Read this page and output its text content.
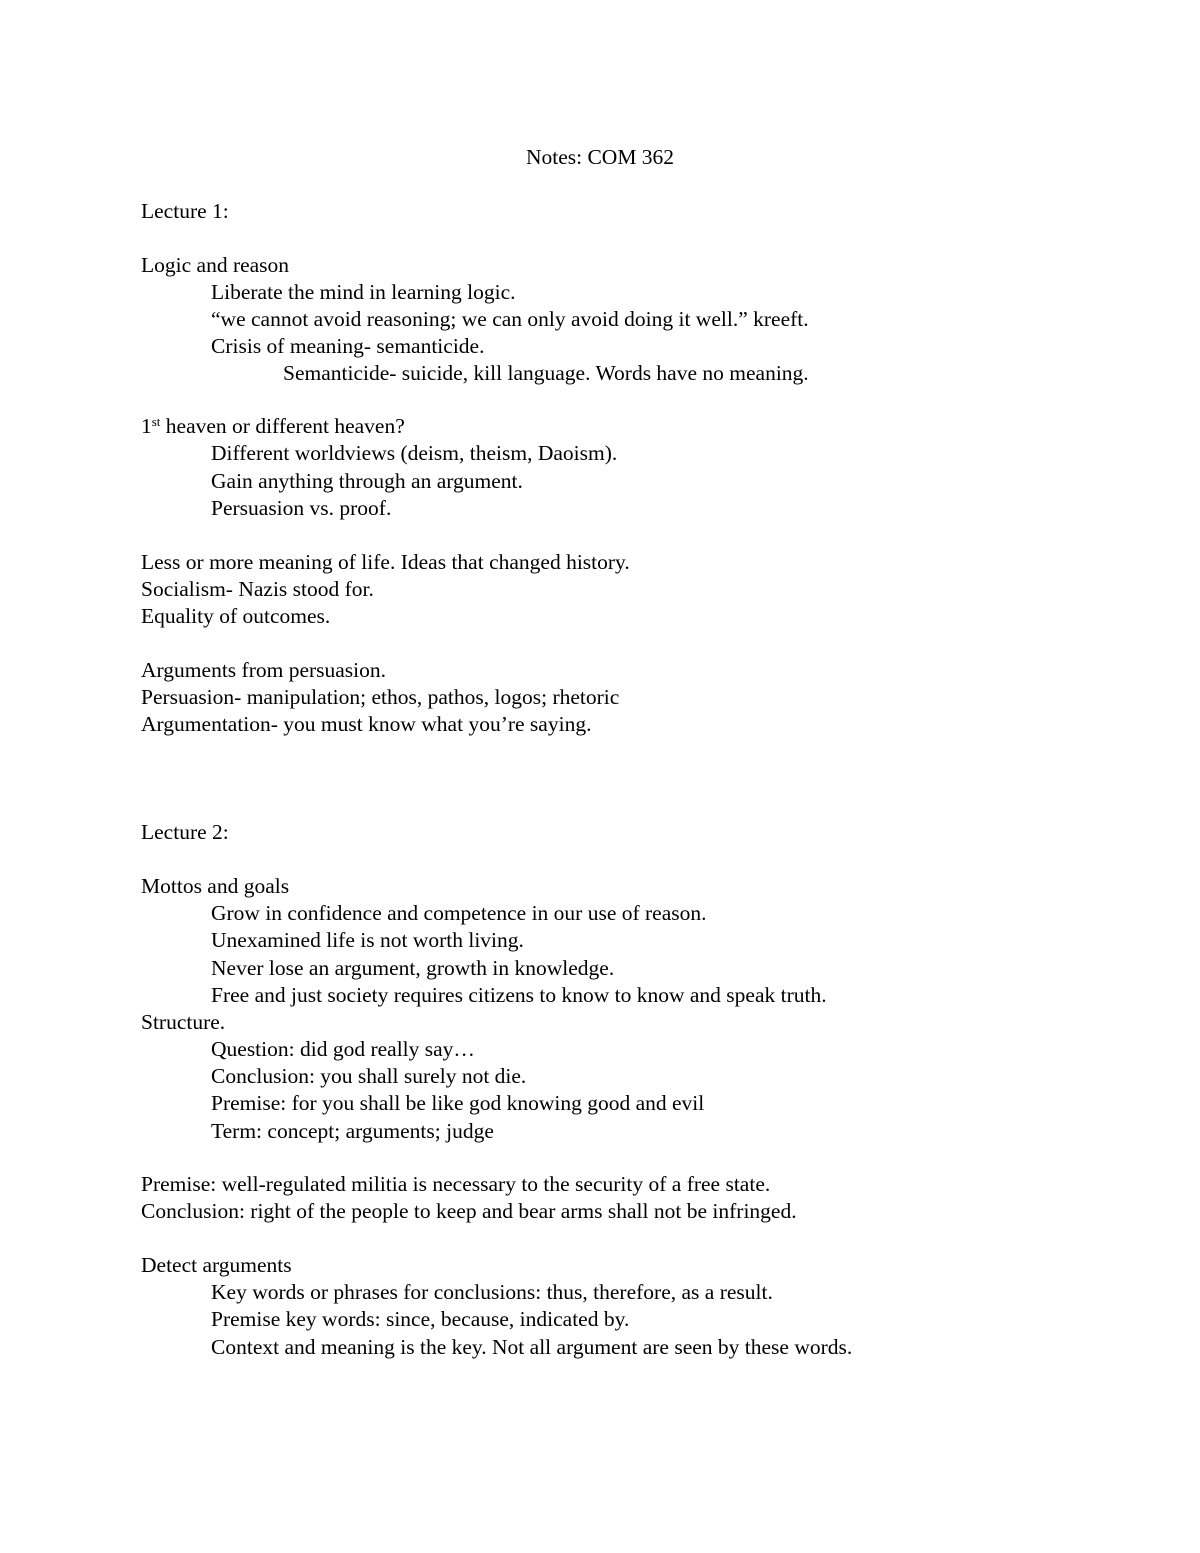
Notes: COM 362

Lecture 1:

Logic and reason

Liberate the mind in learning logic.

“we cannot avoid reasoning; we can only avoid doing it well.” kreeft.

Crisis of meaning- semanticide.

Semanticide- suicide, kill language. Words have no meaning.

1st heaven or different heaven?

Different worldviews (deism, theism, Daoism).

Gain anything through an argument.

Persuasion vs. proof.

Less or more meaning of life. Ideas that changed history.

Socialism- Nazis stood for.

Equality of outcomes.

Arguments from persuasion.

Persuasion- manipulation; ethos, pathos, logos; rhetoric

Argumentation- you must know what you’re saying.

Lecture 2:

Mottos and goals

Grow in confidence and competence in our use of reason.

Unexamined life is not worth living.

Never lose an argument, growth in knowledge.

Free and just society requires citizens to know to know and speak truth.

Structure.

Question: did god really say…

Conclusion: you shall surely not die.

Premise: for you shall be like god knowing good and evil

Term: concept; arguments; judge

Premise: well-regulated militia is necessary to the security of a free state.

Conclusion: right of the people to keep and bear arms shall not be infringed.

Detect arguments

Key words or phrases for conclusions: thus, therefore, as a result.

Premise key words: since, because, indicated by.

Context and meaning is the key. Not all argument are seen by these words.
